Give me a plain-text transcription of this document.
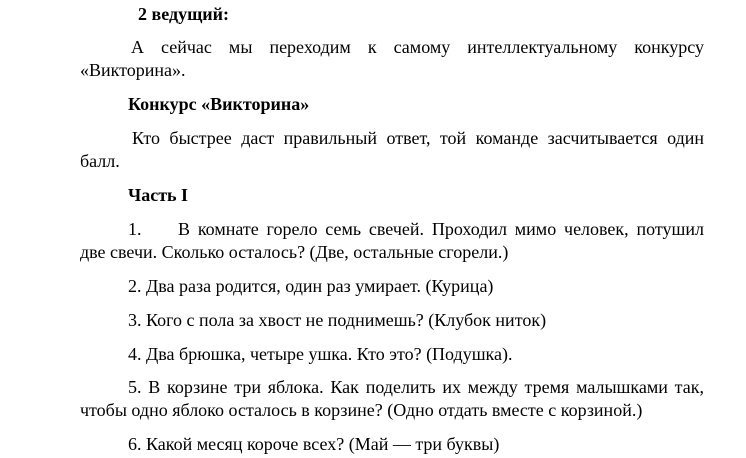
2 ведущий:
А сейчас мы переходим к самому интеллектуальному конкурсу
«Викторина».
Конкурс «Викторина»
Кто быстрее даст правильный ответ, той команде засчитывается один
балл.
Часть I
1. В комнате горело семь свечей. Проходил мимо человек, потушил
две свечи. Сколько осталось? (Две, остальные сгорели.)
2. Два раза родится, один раз умирает. (Курица)
3. Кого с пола за хвост не поднимешь? (Клубок ниток)
4. Два брюшка, четыре ушка. Кто это? (Подушка).
5. В корзине три яблока. Как поделить их между тремя малышками так,
чтобы одно яблоко осталось в корзине? (Одно отдать вместе с корзиной.)
6. Какой месяц короче всех? (Май — три буквы)
